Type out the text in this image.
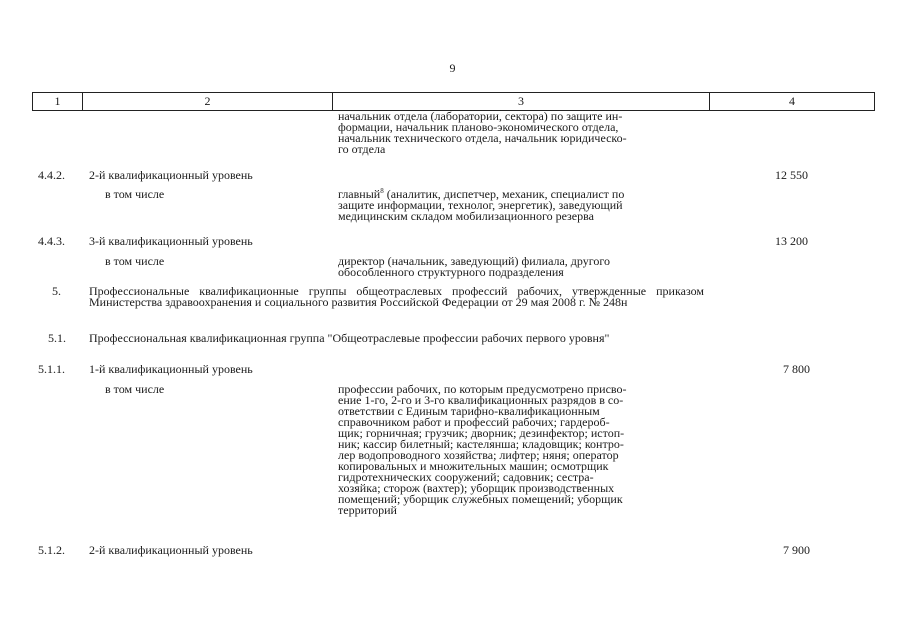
9
1	2	3	4
начальник отдела (лаборатории, сектора) по защите ин-
формации, начальник планово-экономического отдела,
начальник технического отдела, начальник юридическо-
го отдела
4.4.2. 2-й квалификационный уровень	12 550
в том числе	главный$^8$ (аналитик, диспетчер, механик, специалист по
защите информации, технолог, энергетик), заведующий
медицинским складом мобилизационного резерва
4.4.3. 3-й квалификационный уровень	13 200
в том числе	директор (начальник, заведующий) филиала, другого
обособленного структурного подразделения
5. Профессиональные квалификационные группы общеотраслевых профессий рабочих, утвержденные приказом Министерства здравоохранения и социального развития Российской Федерации от 29 мая 2008 г. № 248н
5.1. Профессиональная квалификационная группа "Общеотраслевые профессии рабочих первого уровня"
5.1.1. 1-й квалификационный уровень	7 800
в том числе	профессии рабочих, по которым предусмотрено присво-
ение 1-го, 2-го и 3-го квалификационных разрядов в со-
ответствии с Единым тарифно-квалификационным
справочником работ и профессий рабочих; гардероб-
щик; горничная; грузчик; дворник; дезинфектор; истоп-
ник; кассир билетный; кастелянша; кладовщик; контро-
лер водопроводного хозяйства; лифтер; няня; оператор
копировальных и множительных машин; осмотрщик
гидротехнических сооружений; садовник; сестра-
хозяйка; сторож (вахтер); уборщик производственных
помещений; уборщик служебных помещений; уборщик
территорий
5.1.2. 2-й квалификационный уровень	7 900
